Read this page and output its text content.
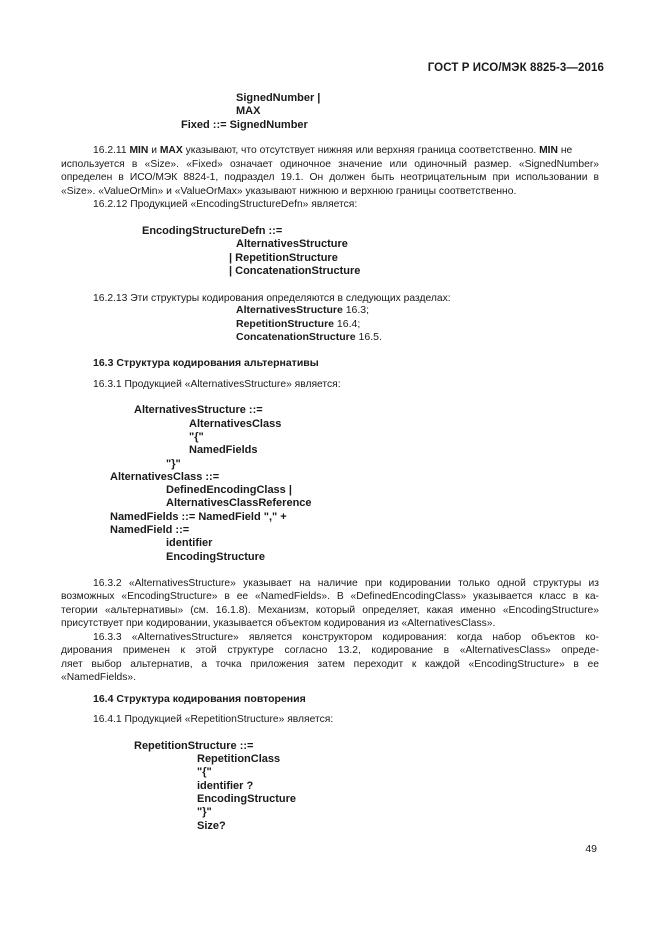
ГОСТ Р ИСО/МЭК 8825-3—2016
SignedNumber |
MAX
Fixed ::= SignedNumber
16.2.11 MIN и MAX указывают, что отсутствует нижняя или верхняя граница соответственно. MIN не
используется в «Size». «Fixed» означает одиночное значение или одиночный размер. «SignedNumber»
определен в ИСО/МЭК 8824-1, подраздел 19.1. Он должен быть неотрицательным при использовании в
«Size». «ValueOrMin» и «ValueOrMax» указывают нижнюю и верхнюю границы соответственно.
16.2.12 Продукцией «EncodingStructureDefn» является:
EncodingStructureDefn ::=
AlternativesStructure
| RepetitionStructure
| ConcatenationStructure
16.2.13 Эти структуры кодирования определяются в следующих разделах:
AlternativesStructure 16.3;
RepetitionStructure 16.4;
ConcatenationStructure 16.5.
16.3 Структура кодирования альтернативы
16.3.1 Продукцией «AlternativesStructure» является:
AlternativesStructure ::=
AlternativesClass
"{"
NamedFields
"}"
AlternativesClass ::=
DefinedEncodingClass |
AlternativesClassReference
NamedFields ::= NamedField "," +
NamedField ::=
identifier
EncodingStructure
16.3.2 «AlternativesStructure» указывает на наличие при кодировании только одной структуры из
возможных «EncodingStructure» в ее «NamedFields». В «DefinedEncodingClass» указывается класс в ка-
тегории «альтернативы» (см. 16.1.8). Механизм, который определяет, какая именно «EncodingStructure»
присутствует при кодировании, указывается объектом кодирования из «AlternativesClass».
16.3.3 «AlternativesStructure» является конструктором кодирования: когда набор объектов ко-
дирования применен к этой структуре согласно 13.2, кодирование в «AlternativesClass» опреде-
ляет выбор альтернатив, а точка приложения затем переходит к каждой «EncodingStructure» в ее
«NamedFields».
16.4 Структура кодирования повторения
16.4.1 Продукцией «RepetitionStructure» является:
RepetitionStructure ::=
RepetitionClass
"{"
identifier ?
EncodingStructure
"}"
Size?
49
